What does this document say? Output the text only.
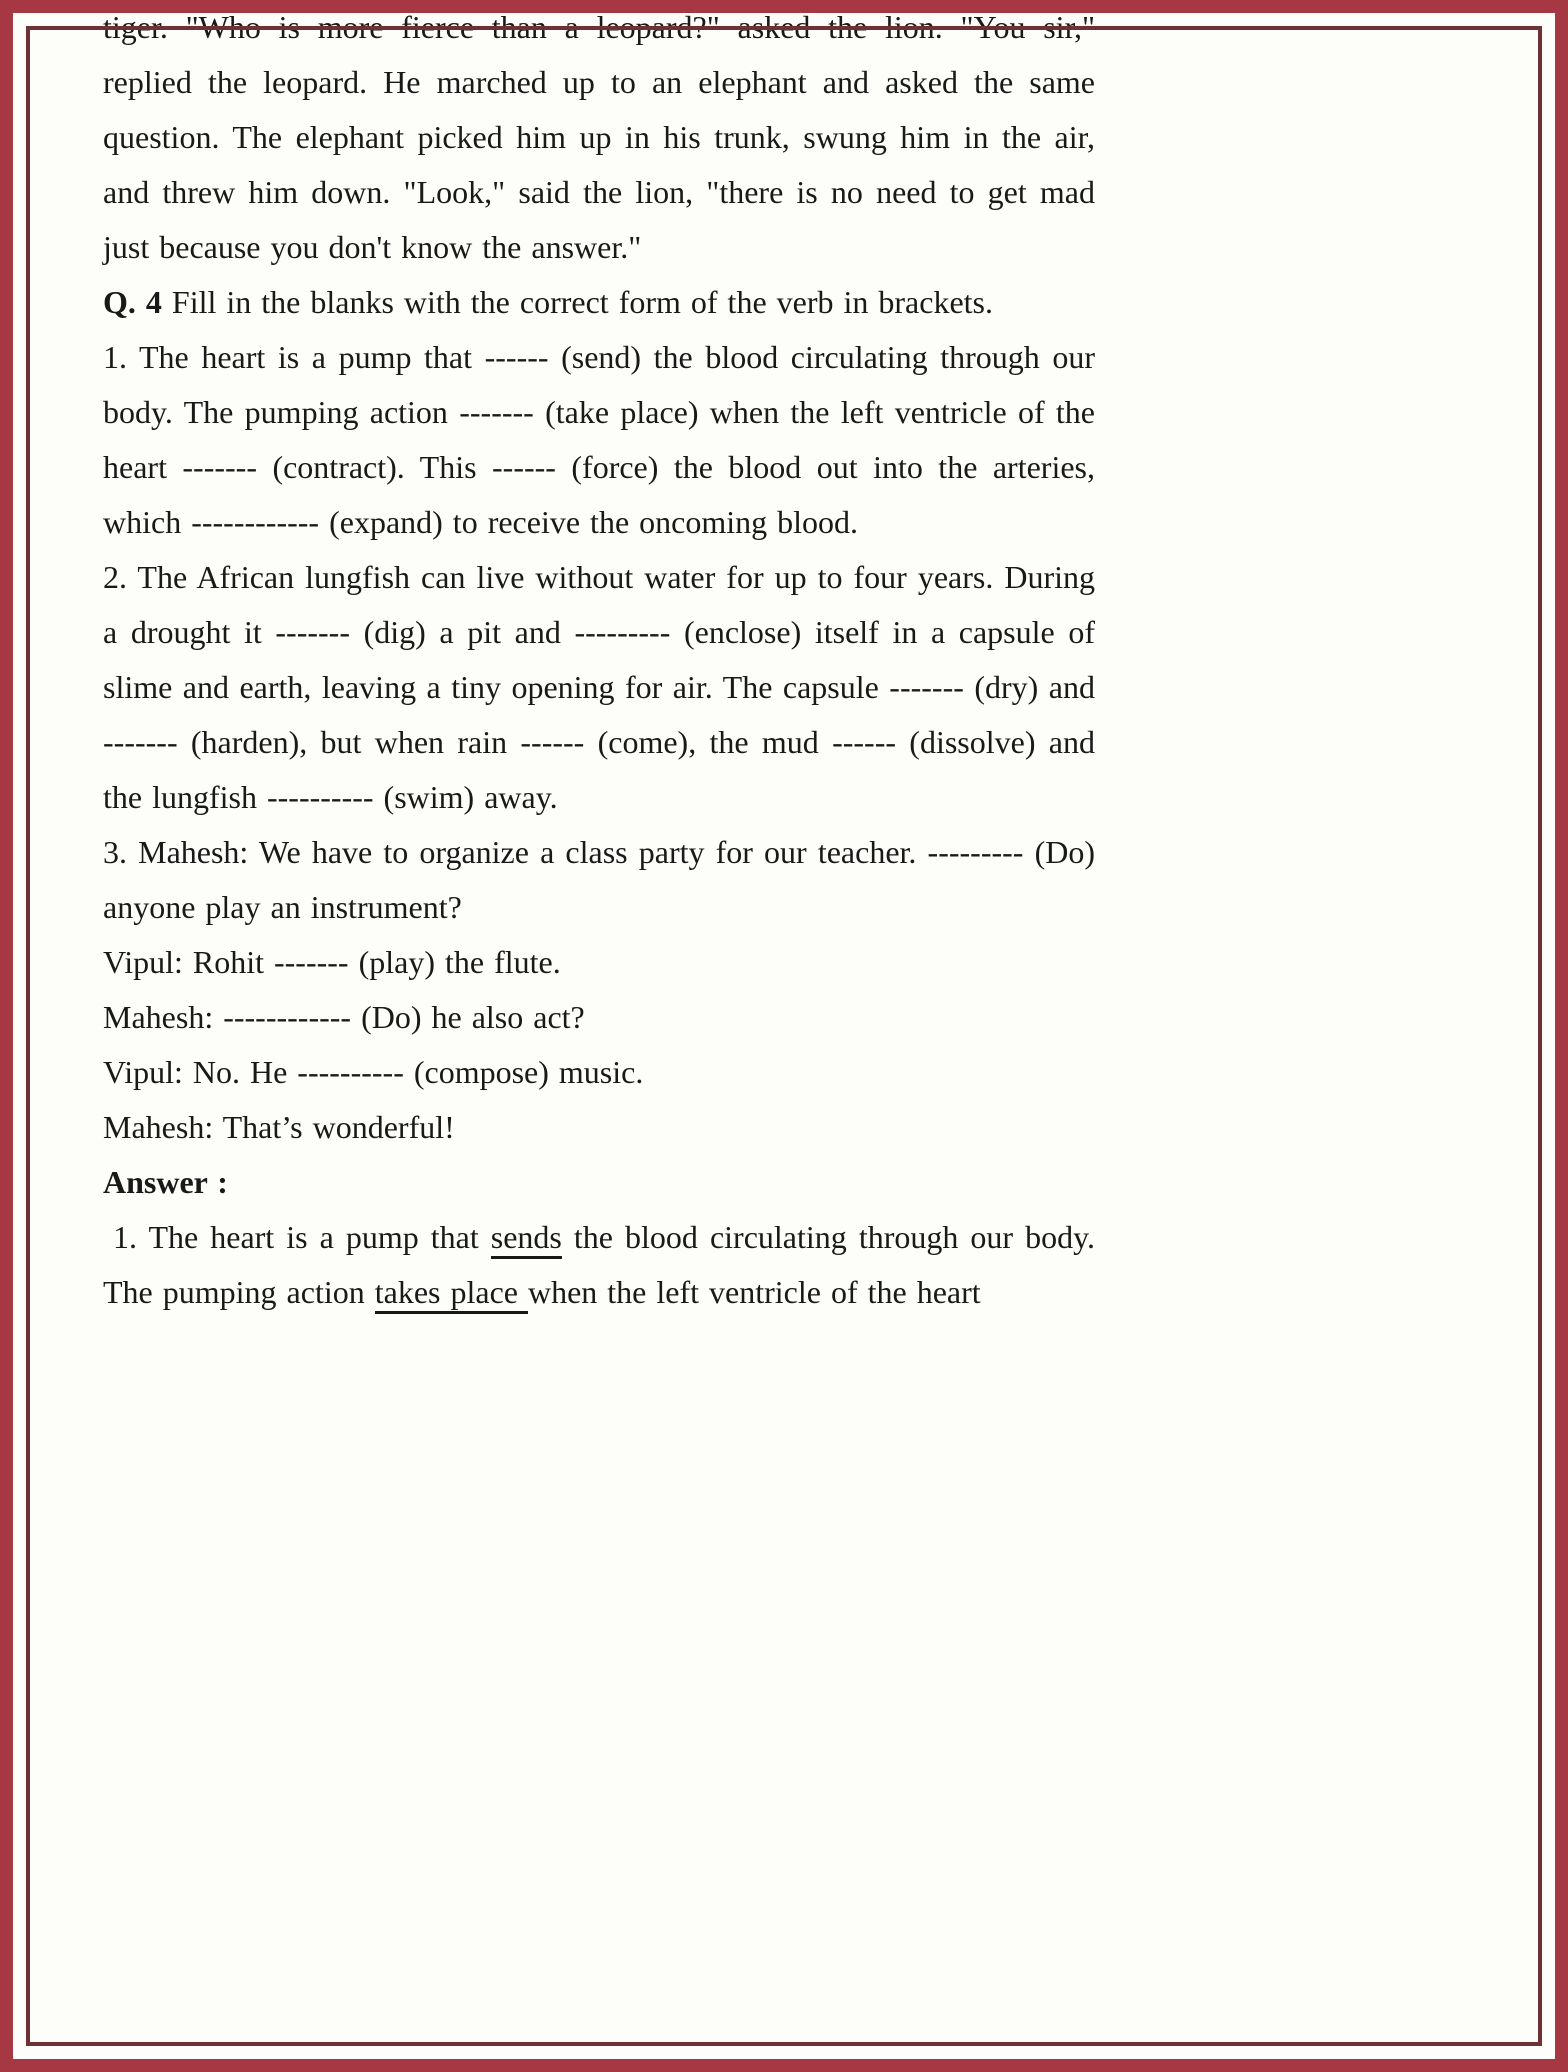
tiger. "Who is more fierce than a leopard?" asked the lion. "You sir," replied the leopard. He marched up to an elephant and asked the same question. The elephant picked him up in his trunk, swung him in the air, and threw him down. "Look," said the lion, "there is no need to get mad just because you don't know the answer."

Q. 4 Fill in the blanks with the correct form of the verb in brackets.

1. The heart is a pump that ------ (send) the blood circulating through our body. The pumping action ------- (take place) when the left ventricle of the heart ------- (contract). This ------ (force) the blood out into the arteries, which ------------ (expand) to receive the oncoming blood.

2. The African lungfish can live without water for up to four years. During a drought it ------- (dig) a pit and --------- (enclose) itself in a capsule of slime and earth, leaving a tiny opening for air. The capsule ------- (dry) and ------- (harden), but when rain ------ (come), the mud ------ (dissolve) and the lungfish ---------- (swim) away.

3. Mahesh: We have to organize a class party for our teacher. --------- (Do) anyone play an instrument?

Vipul: Rohit ------- (play) the flute.

Mahesh: ------------ (Do) he also act?

Vipul: No. He ---------- (compose) music.

Mahesh: That’s wonderful!

Answer :

1. The heart is a pump that sends the blood circulating through our body. The pumping action takes place when the left ventricle of the heart
